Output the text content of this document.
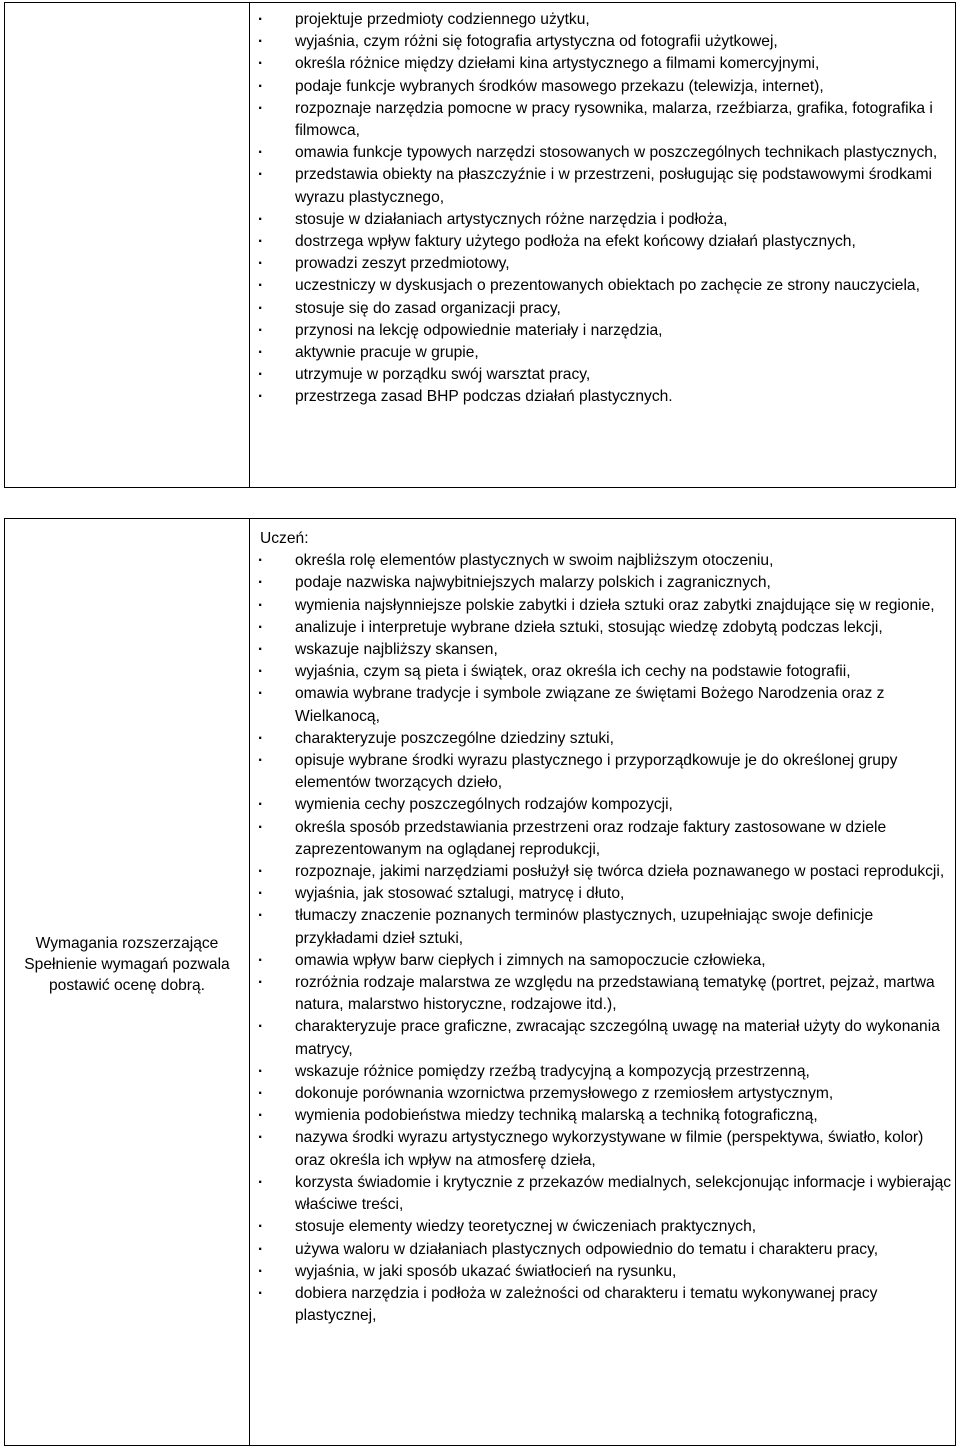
· projektuje przedmioty codziennego użytku,
· wyjaśnia, czym różni się fotografia artystyczna od fotografii użytkowej,
· określa różnice między dziełami kina artystycznego a filmami komercyjnymi,
· podaje funkcje wybranych środków masowego przekazu (telewizja, internet),
· rozpoznaje narzędzia pomocne w pracy rysownika, malarza, rzeźbiarza, grafika, fotografika i filmowca,
· omawia funkcje typowych narzędzi stosowanych w poszczególnych technikach plastycznych,
· przedstawia obiekty na płaszczyźnie i w przestrzeni, posługując się podstawowymi środkami wyrazu plastycznego,
· stosuje w działaniach artystycznych różne narzędzia i podłoża,
· dostrzega wpływ faktury użytego podłoża na efekt końcowy działań plastycznych,
· prowadzi zeszyt przedmiotowy,
· uczestniczy w dyskusjach o prezentowanych obiektach po zachęcie ze strony nauczyciela,
· stosuje się do zasad organizacji pracy,
· przynosi na lekcję odpowiednie materiały i narzędzia,
· aktywnie pracuje w grupie,
· utrzymuje w porządku swój warsztat pracy,
· przestrzega zasad BHP podczas działań plastycznych.
Wymagania rozszerzające
Spełnienie wymagań pozwala postawić ocenę dobrą.
Uczeń:
· określa rolę elementów plastycznych w swoim najbliższym otoczeniu,
· podaje nazwiska najwybitniejszych malarzy polskich i zagranicznych,
· wymienia najsłynniejsze polskie zabytki i dzieła sztuki oraz zabytki znajdujące się w regionie,
· analizuje i interpretuje wybrane dzieła sztuki, stosując wiedzę zdobytą podczas lekcji,
· wskazuje najbliższy skansen,
· wyjaśnia, czym są pieta i świątek, oraz określa ich cechy na podstawie fotografii,
· omawia wybrane tradycje i symbole związane ze świętami Bożego Narodzenia oraz z Wielkanocą,
· charakteryzuje poszczególne dziedziny sztuki,
· opisuje wybrane środki wyrazu plastycznego i przyporządkowuje je do określonej grupy elementów tworzących dzieło,
· wymienia cechy poszczególnych rodzajów kompozycji,
· określa sposób przedstawiania przestrzeni oraz rodzaje faktury zastosowane w dziele zaprezentowanym na oglądanej reprodukcji,
· rozpoznaje, jakimi narzędziami posłużył się twórca dzieła poznawanego w postaci reprodukcji,
· wyjaśnia, jak stosować sztalugi, matrycę i dłuto,
· tłumaczy znaczenie poznanych terminów plastycznych, uzupełniając swoje definicje przykładami dzieł sztuki,
· omawia wpływ barw ciepłych i zimnych na samopoczucie człowieka,
· rozróżnia rodzaje malarstwa ze względu na przedstawianą tematykę (portret, pejzaż, martwa natura, malarstwo historyczne, rodzajowe itd.),
· charakteryzuje prace graficzne, zwracając szczególną uwagę na materiał użyty do wykonania matrycy,
· wskazuje różnice pomiędzy rzeźbą tradycyjną a kompozycją przestrzenną,
· dokonuje porównania wzornictwa przemysłowego z rzemiosłem artystycznym,
· wymienia podobieństwa miedzy techniką malarską a techniką fotograficzną,
· nazywa środki wyrazu artystycznego wykorzystywane w filmie (perspektywa, światło, kolor) oraz określa ich wpływ na atmosferę dzieła,
· korzysta świadomie i krytycznie z przekazów medialnych, selekcjonując informacje i wybierając właściwe treści,
· stosuje elementy wiedzy teoretycznej w ćwiczeniach praktycznych,
· używa waloru w działaniach plastycznych odpowiednio do tematu i charakteru pracy,
· wyjaśnia, w jaki sposób ukazać światłocień na rysunku,
· dobiera narzędzia i podłoża w zależności od charakteru i tematu wykonywanej pracy plastycznej,
